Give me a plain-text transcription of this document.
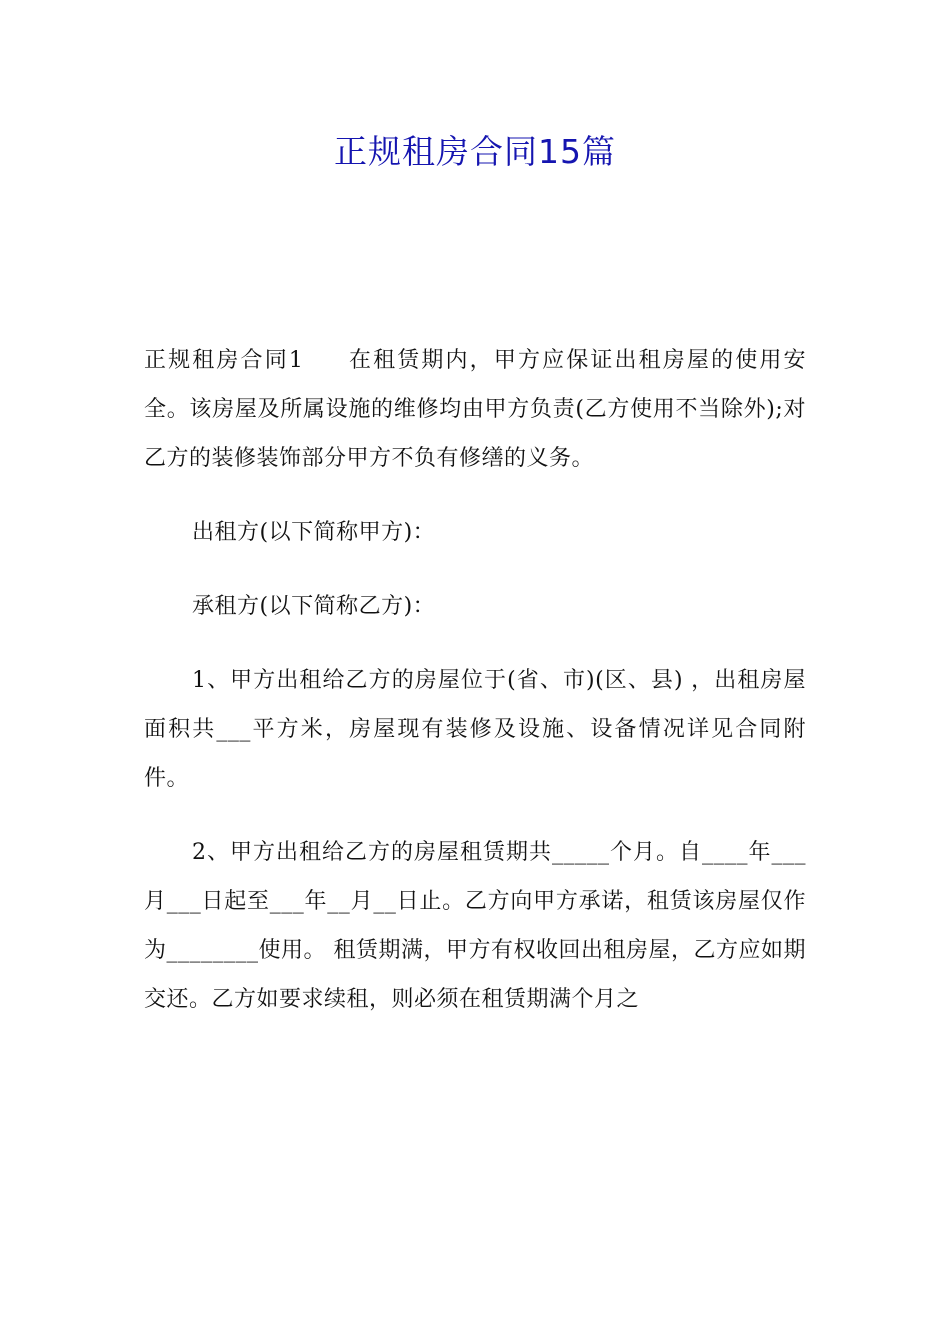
正规租房合同15篇

正规租房合同1 在租赁期内，甲方应保证出租房屋的使用安全。该房屋及所属设施的维修均由甲方负责(乙方使用不当除外);对乙方的装修装饰部分甲方不负有修缮的义务。

出租方(以下简称甲方)：

承租方(以下简称乙方)：

1、甲方出租给乙方的房屋位于(省、市)(区、县) ，出租房屋面积共___平方米，房屋现有装修及设施、设备情况详见合同附件。

2、甲方出租给乙方的房屋租赁期共_____个月。自____年___月___日起至___年__月__日止。乙方向甲方承诺，租赁该房屋仅作为________使用。 租赁期满，甲方有权收回出租房屋，乙方应如期交还。乙方如要求续租，则必须在租赁期满个月之
